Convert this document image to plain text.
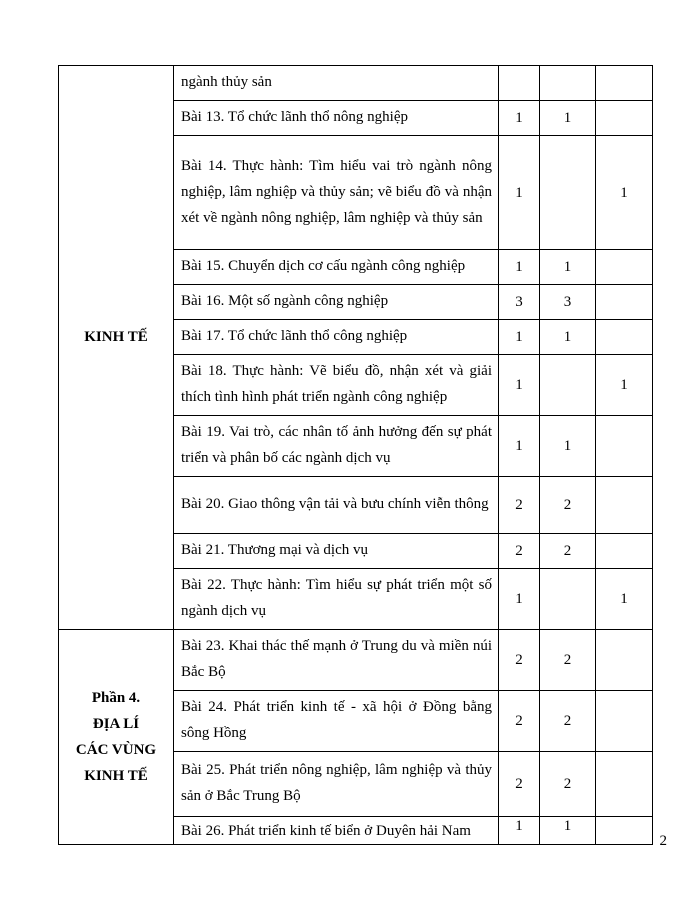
KINH TẾ	ngành thủy sản			
	Bài 13. Tổ chức lãnh thổ nông nghiệp	1	1	
	Bài 14. Thực hành: Tìm hiểu vai trò ngành nông nghiệp, lâm nghiệp và thủy sản; vẽ biểu đồ và nhận xét về ngành nông nghiệp, lâm nghiệp và thủy sản	1		1
	Bài 15. Chuyển dịch cơ cấu ngành công nghiệp	1	1	
	Bài 16. Một số ngành công nghiệp	3	3	
	Bài 17. Tổ chức lãnh thổ công nghiệp	1	1	
	Bài 18. Thực hành: Vẽ biểu đồ, nhận xét và giải thích tình hình phát triển ngành công nghiệp	1		1
	Bài 19. Vai trò, các nhân tố ảnh hưởng đến sự phát triển và phân bố các ngành dịch vụ	1	1	
	Bài 20. Giao thông vận tải và bưu chính viễn thông	2	2	
	Bài 21. Thương mại và dịch vụ	2	2	
	Bài 22. Thực hành: Tìm hiểu sự phát triển một số ngành dịch vụ	1		1

Phần 4.
ĐỊA LÍ
CÁC VÙNG
KINH TẾ	Bài 23. Khai thác thế mạnh ở Trung du và miền núi Bắc Bộ	2	2	
	Bài 24. Phát triển kinh tế - xã hội ở Đồng bằng sông Hồng	2	2	
	Bài 25. Phát triển nông nghiệp, lâm nghiệp và thủy sản ở Bắc Trung Bộ	2	2	
	Bài 26. Phát triển kinh tế biển ở Duyên hải Nam	1	1	
2
